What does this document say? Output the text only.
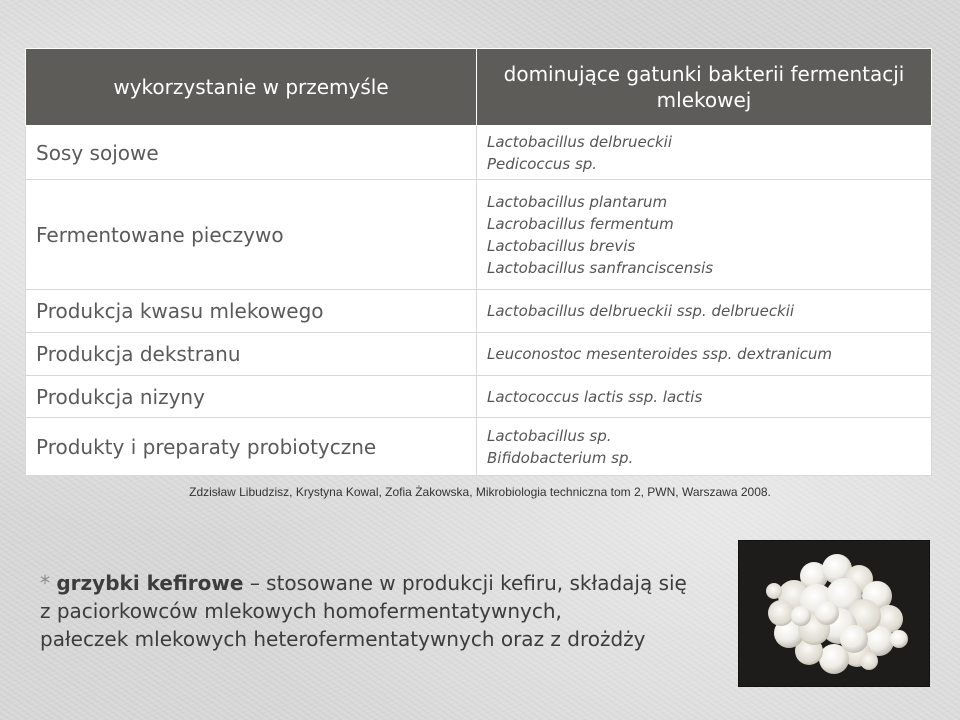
wykorzystanie w przemyśle	dominujące gatunki bakterii fermentacji mlekowej
Sosy sojowe	Lactobacillus delbrueckii
Pedicoccus sp.

Fermentowane pieczywo	Lactobacillus plantarum
Lacrobacillus fermentum
Lactobacillus brevis
Lactobacillus sanfranciscensis

Produkcja kwasu mlekowego	Lactobacillus delbrueckii ssp. delbrueckii

Produkcja dekstranu	Leuconostoc mesenteroides ssp. dextranicum

Produkcja nizyny	Lactococcus lactis ssp. lactis

Produkty i preparaty probiotyczne	Lactobacillus sp.
Bifidobacterium sp.
Zdzisław Libudzisz, Krystyna Kowal, Zofia Żakowska, Mikrobiologia techniczna tom 2, PWN, Warszawa 2008.
* grzybki kefirowe – stosowane w produkcji kefiru, składają się
z paciorkowców mlekowych homofermentatywnych,
pałeczek mlekowych heterofermentatywnych oraz z drożdży
